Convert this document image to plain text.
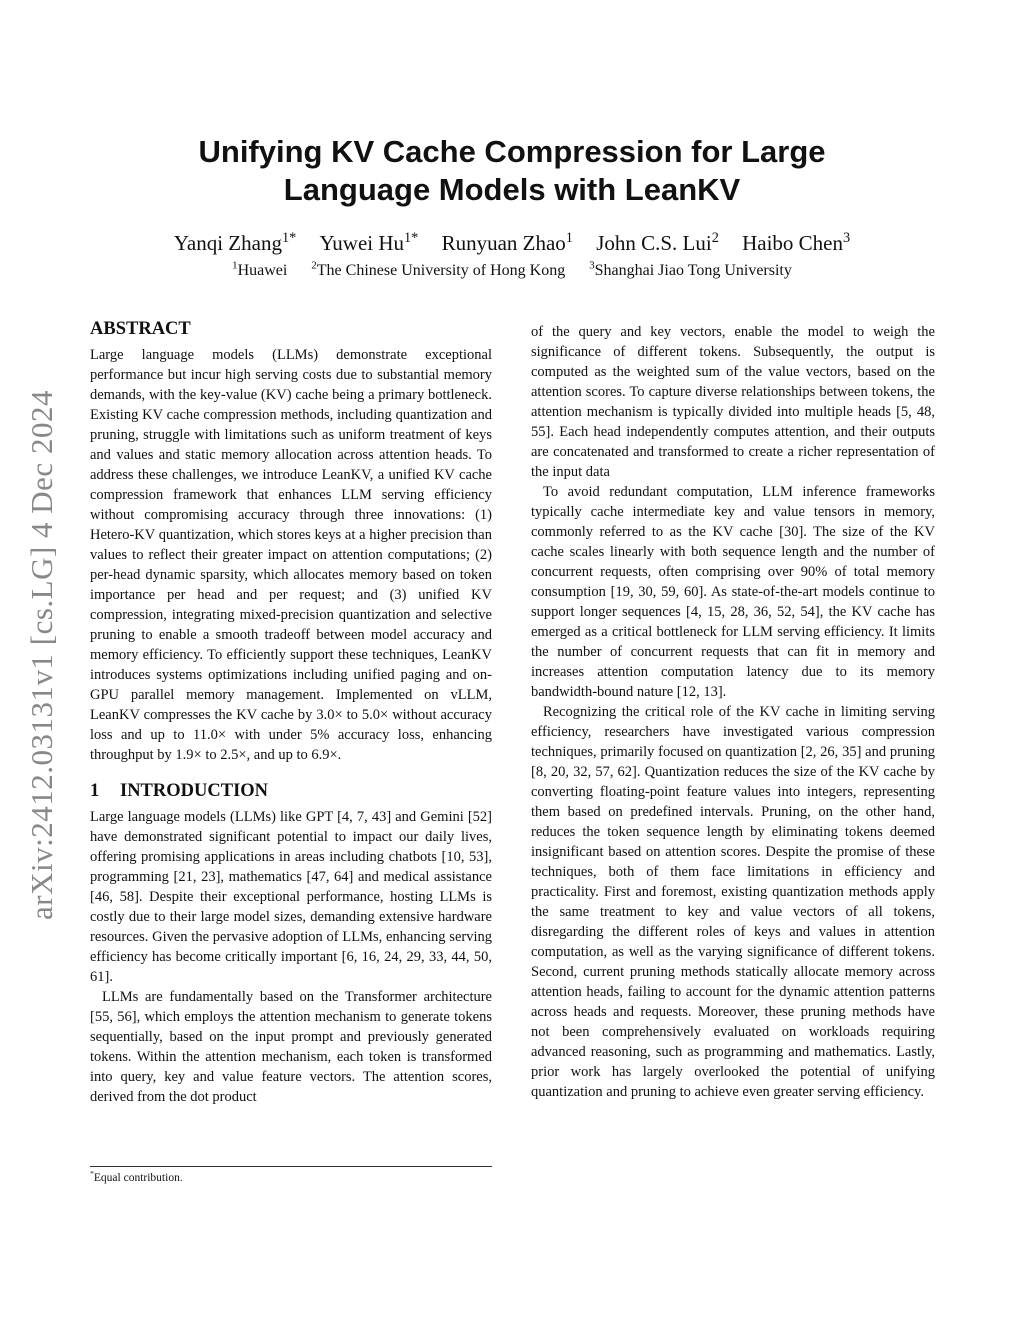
arXiv:2412.03131v1 [cs.LG] 4 Dec 2024
Unifying KV Cache Compression for Large
Language Models with LeanKV
Yanqi Zhang$^{1*}$ Yuwei $Hu^{1*}$ Runyuan Zhao$^1$ John C.S. Lui$^2$ Haibo Chen$^3$
$^1$Huawei $^2$The Chinese University of Hong Kong $^3$Shanghai Jiao Tong University
ABSTRACT

Large language models (LLMs) demonstrate exceptional performance but incur high serving costs due to substantial memory demands, with the key-value (KV) cache being a primary bottleneck. Existing KV cache compression methods, including quantization and pruning, struggle with limitations such as uniform treatment of keys and values and static memory allocation across attention heads. To address these challenges, we introduce LeanKV, a unified KV cache compression framework that enhances LLM serving efficiency without compromising accuracy through three innovations: (1) Hetero-KV quantization, which stores keys at a higher precision than values to reflect their greater impact on attention computations; (2) per-head dynamic sparsity, which allocates memory based on token importance per head and per request; and (3) unified KV compression, integrating mixed-precision quantization and selective pruning to enable a smooth tradeoff between model accuracy and memory efficiency. To efficiently support these techniques, LeanKV introduces systems optimizations including unified paging and on-GPU parallel memory management. Implemented on vLLM, LeanKV compresses the KV cache by 3.0× to 5.0× without accuracy loss and up to 11.0× with under 5% accuracy loss, enhancing throughput by 1.9× to 2.5×, and up to 6.9×.

1 INTRODUCTION

Large language models (LLMs) like GPT [4, 7, 43] and Gemini [52] have demonstrated significant potential to impact our daily lives, offering promising applications in areas including chatbots [10, 53], programming [21, 23], mathematics [47, 64] and medical assistance [46, 58]. Despite their exceptional performance, hosting LLMs is costly due to their large model sizes, demanding extensive hardware resources. Given the pervasive adoption of LLMs, enhancing serving efficiency has become critically important [6, 16, 24, 29, 33, 44, 50, 61].

LLMs are fundamentally based on the Transformer architecture [55, 56], which employs the attention mechanism to generate tokens sequentially, based on the input prompt and previously generated tokens. Within the attention mechanism, each token is transformed into query, key and value feature vectors. The attention scores, derived from the dot product

of the query and key vectors, enable the model to weigh the significance of different tokens. Subsequently, the output is computed as the weighted sum of the value vectors, based on the attention scores. To capture diverse relationships between tokens, the attention mechanism is typically divided into multiple heads [5, 48, 55]. Each head independently computes attention, and their outputs are concatenated and transformed to create a richer representation of the input data

To avoid redundant computation, LLM inference frameworks typically cache intermediate key and value tensors in memory, commonly referred to as the KV cache [30]. The size of the KV cache scales linearly with both sequence length and the number of concurrent requests, often comprising over 90% of total memory consumption [19, 30, 59, 60]. As state-of-the-art models continue to support longer sequences [4, 15, 28, 36, 52, 54], the KV cache has emerged as a critical bottleneck for LLM serving efficiency. It limits the number of concurrent requests that can fit in memory and increases attention computation latency due to its memory bandwidth-bound nature [12, 13].

Recognizing the critical role of the KV cache in limiting serving efficiency, researchers have investigated various compression techniques, primarily focused on quantization [2, 26, 35] and pruning [8, 20, 32, 57, 62]. Quantization reduces the size of the KV cache by converting floating-point feature values into integers, representing them based on predefined intervals. Pruning, on the other hand, reduces the token sequence length by eliminating tokens deemed insignificant based on attention scores. Despite the promise of these techniques, both of them face limitations in efficiency and practicality. First and foremost, existing quantization methods apply the same treatment to key and value vectors of all tokens, disregarding the different roles of keys and values in attention computation, as well as the varying significance of different tokens. Second, current pruning methods statically allocate memory across attention heads, failing to account for the dynamic attention patterns across heads and requests. Moreover, these pruning methods have not been comprehensively evaluated on workloads requiring advanced reasoning, such as programming and mathematics. Lastly, prior work has largely overlooked the potential of unifying quantization and pruning to achieve even greater serving efficiency.

*Equal contribution.
